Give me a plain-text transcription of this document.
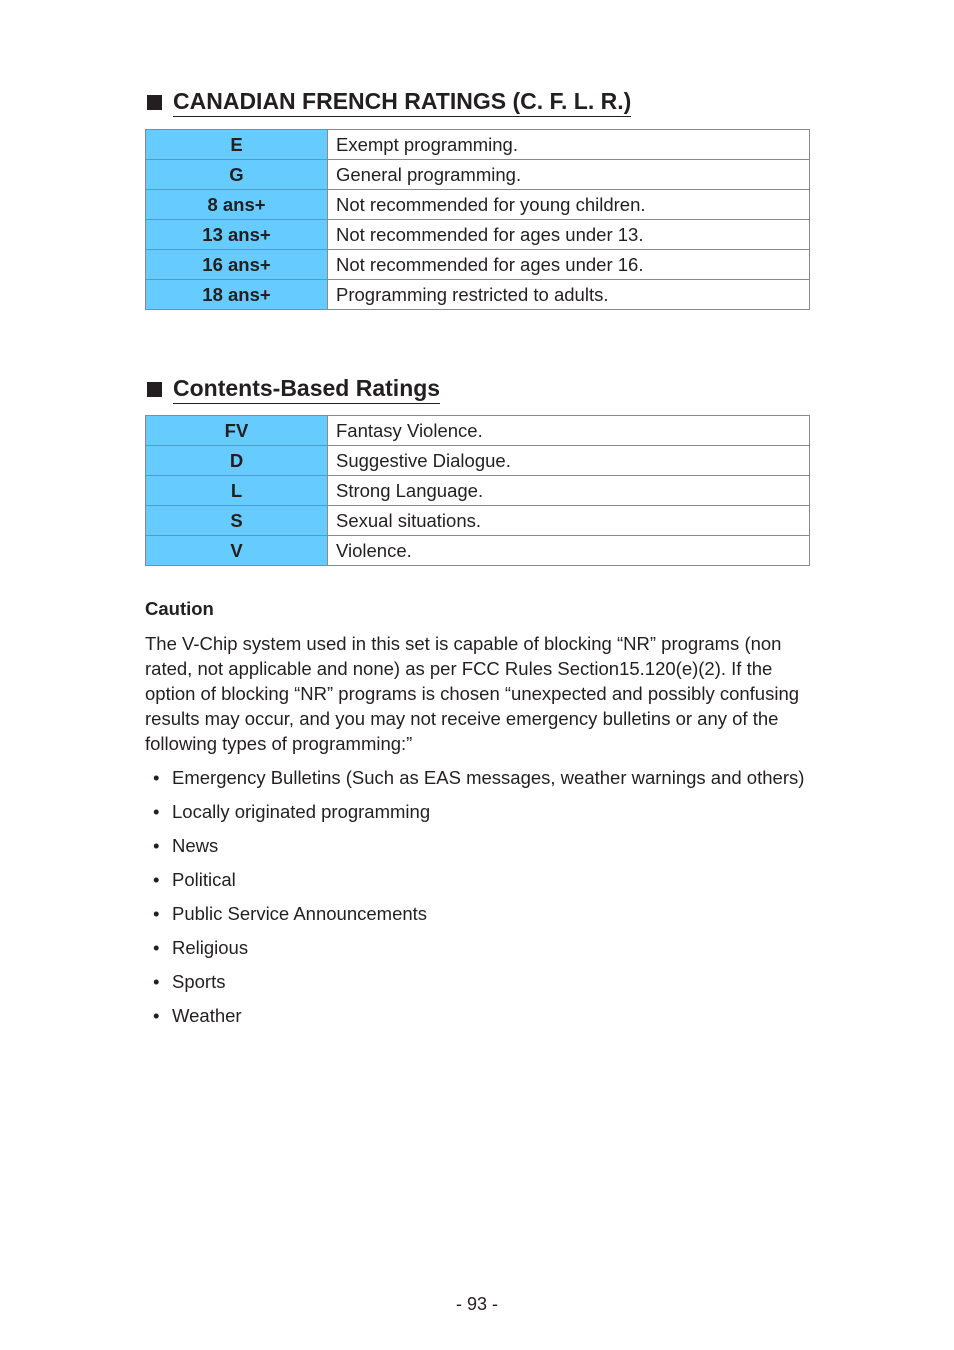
CANADIAN FRENCH RATINGS (C. F. L. R.)
E	Exempt programming.
G	General programming.
8 ans+	Not recommended for young children.
13 ans+	Not recommended for ages under 13.
16 ans+	Not recommended for ages under 16.
18 ans+	Programming restricted to adults.
Contents-Based Ratings
FV	Fantasy Violence.
D	Suggestive Dialogue.
L	Strong Language.
S	Sexual situations.
V	Violence.
Caution
The V-Chip system used in this set is capable of blocking “NR” programs (non rated, not applicable and none) as per FCC Rules Section15.120(e)(2). If the option of blocking “NR” programs is chosen “unexpected and possibly confusing results may occur, and you may not receive emergency bulletins or any of the following types of programming:”
• Emergency Bulletins (Such as EAS messages, weather warnings and others)
• Locally originated programming
• News
• Political
• Public Service Announcements
• Religious
• Sports
• Weather
- 93 -
